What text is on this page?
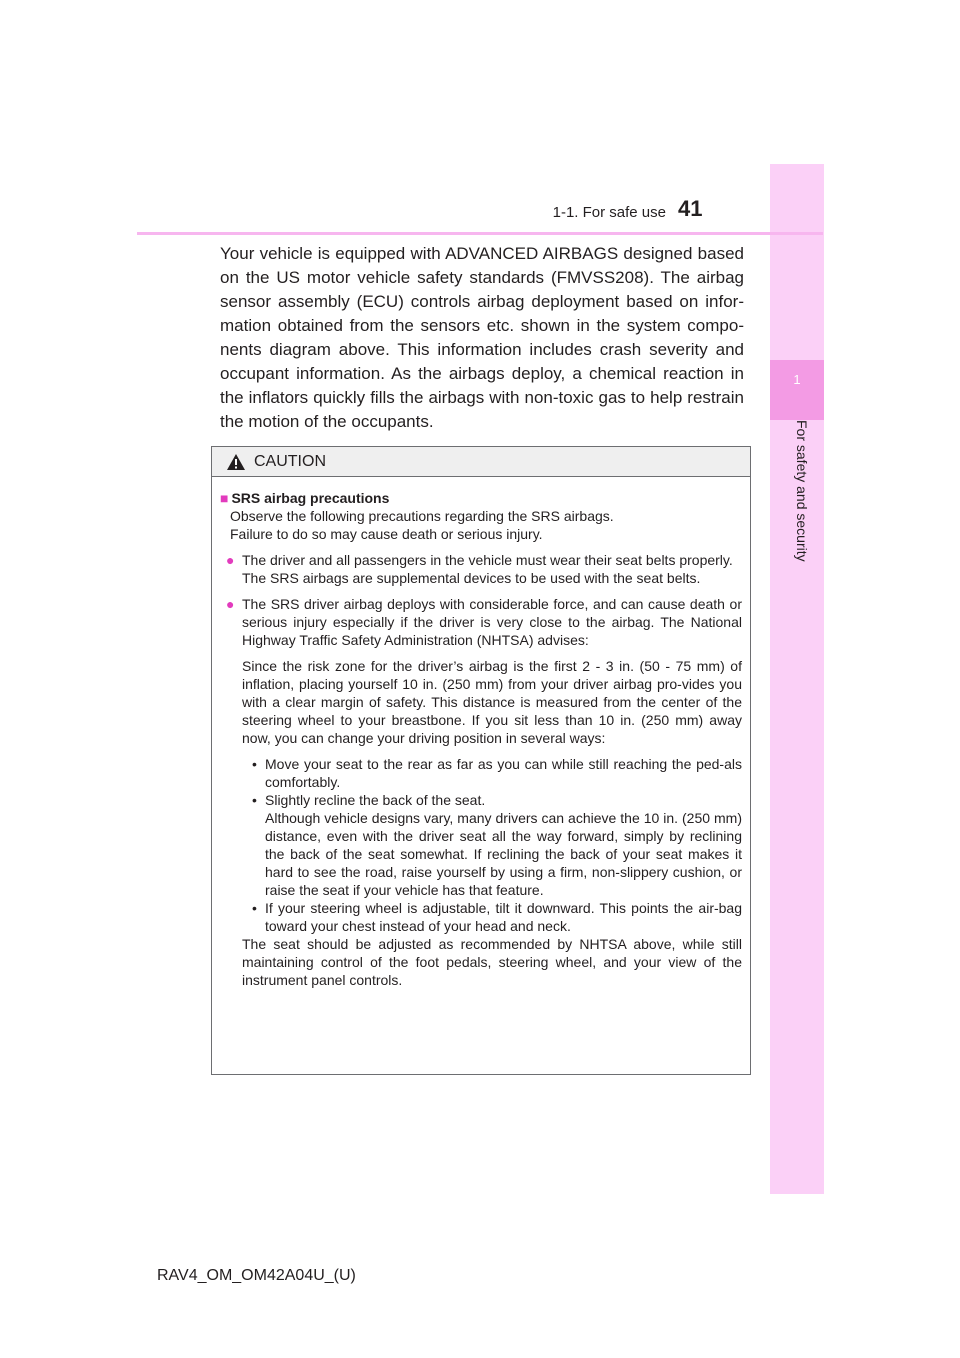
1
For safety and security
1-1. For safe use 41
Your vehicle is equipped with ADVANCED AIRBAGS designed based on the US motor vehicle safety standards (FMVSS208). The airbag sensor assembly (ECU) controls airbag deployment based on infor-mation obtained from the sensors etc. shown in the system compo-nents diagram above. This information includes crash severity and occupant information. As the airbags deploy, a chemical reaction in the inflators quickly fills the airbags with non-toxic gas to help restrain the motion of the occupants.
CAUTION

■ SRS airbag precautions

Observe the following precautions regarding the SRS airbags.

Failure to do so may cause death or serious injury.

● The driver and all passengers in the vehicle must wear their seat belts properly.

The SRS airbags are supplemental devices to be used with the seat belts.

● The SRS driver airbag deploys with considerable force, and can cause death or serious injury especially if the driver is very close to the airbag. The National Highway Traffic Safety Administration (NHTSA) advises:

Since the risk zone for the driver’s airbag is the first 2 - 3 in. (50 - 75 mm) of inflation, placing yourself 10 in. (250 mm) from your driver airbag pro-vides you with a clear margin of safety. This distance is measured from the center of the steering wheel to your breastbone. If you sit less than 10 in. (250 mm) away now, you can change your driving position in several ways:

• Move your seat to the rear as far as you can while still reaching the ped-als comfortably.

• Slightly recline the back of the seat.

Although vehicle designs vary, many drivers can achieve the 10 in. (250 mm) distance, even with the driver seat all the way forward, simply by reclining the back of the seat somewhat. If reclining the back of your seat makes it hard to see the road, raise yourself by using a firm, non-slippery cushion, or raise the seat if your vehicle has that feature.

• If your steering wheel is adjustable, tilt it downward. This points the air-bag toward your chest instead of your head and neck.

The seat should be adjusted as recommended by NHTSA above, while still maintaining control of the foot pedals, steering wheel, and your view of the instrument panel controls.

RAV4_OM_OM42A04U_(U)
